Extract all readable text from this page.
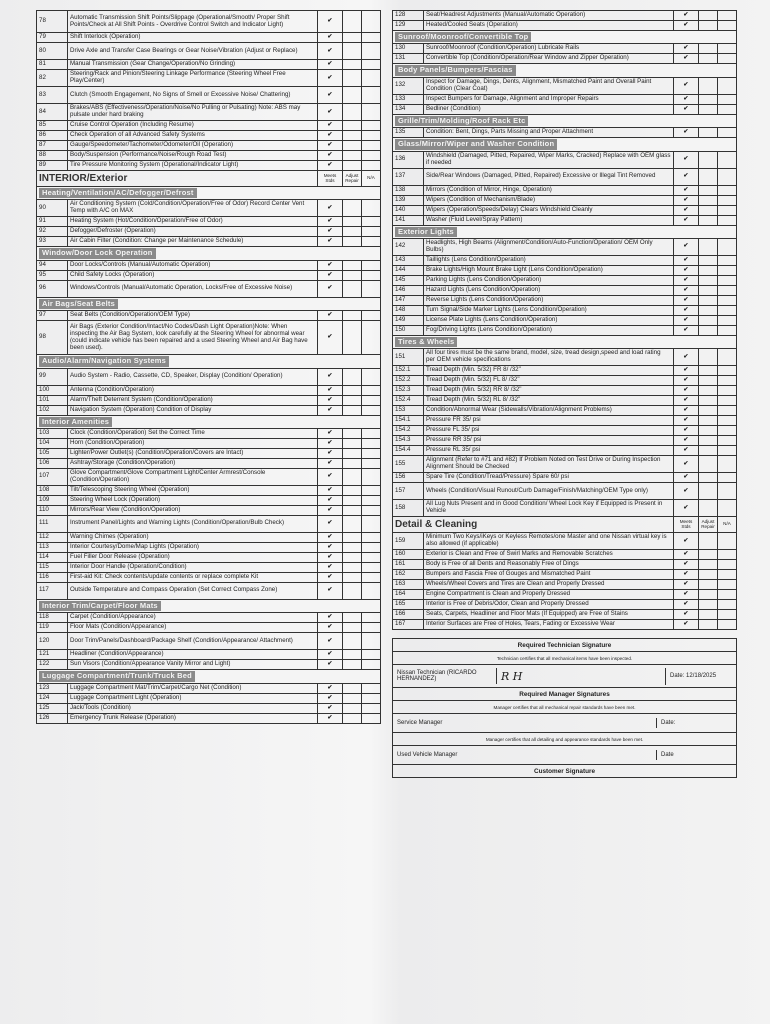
78	Automatic Transmission Shift Points/Slippage (Operational/Smooth/ Proper Shift Points/Check at All Shift Points - Overdrive Control Switch and Indicator Light)	✔		
79	Shift Interlock (Operation)	✔		
80	Drive Axle and Transfer Case Bearings or Gear Noise/Vibration (Adjust or Replace)	✔		
81	Manual Transmission (Gear Change/Operation/No Grinding)	✔		
82	Steering/Rack and Pinion/Steering Linkage Performance (Steering Wheel Free Play/Center)	✔		
83	Clutch (Smooth Engagement, No Signs of Smell or Excessive Noise/ Chattering)	✔		
84	Brakes/ABS (Effectiveness/Operation/Noise/No Pulling or Pulsating) Note: ABS may pulsate under hard braking	✔		
85	Cruise Control Operation (Including Resume)	✔		
86	Check Operation of all Advanced Safety Systems	✔		
87	Gauge/Speedometer/Tachometer/Odometer/Oil (Operation)	✔		
88	Body/Suspension (Performance/Noise/Rough Road Test)	✔		
89	Tire Pressure Monitoring System (Operational/Indicator Light)	✔		
INTERIOR/Exterior		Meets Stds	Adjust Repair	N/A
Heating/Ventilation/AC/Defogger/Defrost				
90	Air Conditioning System (Cold/Condition/Operation/Free of Odor) Record Center Vent Temp with A/C on MAX	✔		
91	Heating System (Hot/Condition/Operation/Free of Odor)	✔		
92	Defogger/Defroster (Operation)	✔		
93	Air Cabin Filter (Condition: Change per Maintenance Schedule)	✔		
Window/Door Lock Operation				
94	Door Locks/Controls (Manual/Automatic Operation)	✔		
95	Child Safety Locks (Operation)	✔		
96	Windows/Controls (Manual/Automatic Operation, Locks/Free of Excessive Noise)	✔		
Air Bags/Seat Belts				
97	Seat Belts (Condition/Operation/OEM Type)	✔		
98	Air Bags (Exterior Condition/Intact/No Codes/Dash Light Operation)Note: When inspecting the Air Bag System, look carefully at the Steering Wheel for abnormal wear (could indicate vehicle has been repaired and a used Steering Wheel and Air Bag have been used).	✔		
Audio/Alarm/Navigation Systems				
99	Audio System - Radio, Cassette, CD, Speaker, Display (Condition/ Operation)	✔		
100	Antenna (Condition/Operation)	✔		
101	Alarm/Theft Deterrent System (Condition/Operation)	✔		
102	Navigation System (Operation) Condition of Display	✔		
Interior Amenities				
103	Clock (Condition/Operation) Set the Correct Time	✔		
104	Horn (Condition/Operation)	✔		
105	Lighter/Power Outlet(s) (Condition/Operation/Covers are Intact)	✔		
106	Ashtray/Storage (Condition/Operation)	✔		
107	Glove Compartment/Glove Compartment Light/Center Armrest/Console (Condition/Operation)	✔		
108	Tilt/Telescoping Steering Wheel (Operation)	✔		
109	Steering Wheel Lock (Operation)	✔		
110	Mirrors/Rear View (Condition/Operation)	✔		
111	Instrument Panel/Lights and Warning Lights (Condition/Operation/Bulb Check)	✔		
112	Warning Chimes (Operation)	✔		
113	Interior Courtesy/Dome/Map Lights (Operation)	✔		
114	Fuel Filler Door Release (Operation)	✔		
115	Interior Door Handle (Operation/Condition)	✔		
116	First-aid Kit: Check contents/update contents or replace complete Kit	✔		
117	Outside Temperature and Compass Operation (Set Correct Compass Zone)	✔		
Interior Trim/Carpet/Floor Mats				
118	Carpet (Condition/Appearance)	✔		
119	Floor Mats (Condition/Appearance)	✔		
120	Door Trim/Panels/Dashboard/Package Shelf (Condition/Appearance/ Attachment)	✔		
121	Headliner (Condition/Appearance)	✔		
122	Sun Visors (Condition/Appearance Vanity Mirror and Light)	✔		
Luggage Compartment/Trunk/Truck Bed				
123	Luggage Compartment Mat/Trim/Carpet/Cargo Net (Condition)	✔		
124	Luggage Compartment Light (Operation)	✔		
125	Jack/Tools (Condition)	✔		
126	Emergency Trunk Release (Operation)	✔		
128	Seat/Headrest Adjustments (Manual/Automatic Operation)	✔		
129	Heated/Cooled Seats (Operation)	✔		
Sunroof/Moonroof/Convertible Top				
130	Sunroof/Moonroof (Condition/Operation) Lubricate Rails	✔		
131	Convertible Top (Condition/Operation/Rear Window and Zipper Operation)	✔		
Body Panels/Bumpers/Fascias				
132	Inspect for Damage, Dings, Dents, Alignment, Mismatched Paint and Overall Paint Condition (Clear Coat)	✔		
133	Inspect Bumpers for Damage, Alignment and Improper Repairs	✔		
134	Bedliner (Condition)	✔		
Grille/Trim/Molding/Roof Rack Etc				
135	Condition: Bent, Dings, Parts Missing and Proper Attachment	✔		
Glass/Mirror/Wiper and Washer Condition				
136	Windshield (Damaged, Pitted, Repaired, Wiper Marks, Cracked) Replace with OEM glass if needed	✔		
137	Side/Rear Windows (Damaged, Pitted, Repaired) Excessive or Illegal Tint Removed	✔		
138	Mirrors (Condition of Mirror, Hinge, Operation)	✔		
139	Wipers (Condition of Mechanism/Blade)	✔		
140	Wipers (Operation/Speeds/Delay) Clears Windshield Cleanly	✔		
141	Washer (Fluid Level/Spray Pattern)	✔		
Exterior Lights				
142	Headlights, High Beams (Alignment/Condition/Auto-Function/Operation/ OEM Only Bulbs)	✔		
143	Taillights (Lens Condition/Operation)	✔		
144	Brake Lights/High Mount Brake Light (Lens Condition/Operation)	✔		
145	Parking Lights (Lens Condition/Operation)	✔		
146	Hazard Lights (Lens Condition/Operation)	✔		
147	Reverse Lights (Lens Condition/Operation)	✔		
148	Turn Signal/Side Marker Lights (Lens Condition/Operation)	✔		
149	License Plate Lights (Lens Condition/Operation)	✔		
150	Fog/Driving Lights (Lens Condition/Operation)	✔		
Tires & Wheels				
151	All four tires must be the same brand, model, size, tread design,speed and load rating per OEM vehicle specifications	✔		
152.1	Tread Depth (Min. 5/32) FR 8/ /32"	✔		
152.2	Tread Depth (Min. 5/32) FL 8/ /32"	✔		
152.3	Tread Depth (Min. 5/32) RR 8/ /32"	✔		
152.4	Tread Depth (Min. 5/32) RL 8/ /32"	✔		
153	Condition/Abnormal Wear (Sidewalls/Vibration/Alignment Problems)	✔		
154.1	Pressure FR 35/ psi	✔		
154.2	Pressure FL 35/ psi	✔		
154.3	Pressure RR 35/ psi	✔		
154.4	Pressure RL 35/ psi	✔		
155	Alignment (Refer to #71 and #82) If Problem Noted on Test Drive or During Inspection Alignment Should be Checked	✔		
156	Spare Tire (Condition/Tread/Pressure) Spare 60/ psi	✔		
157	Wheels (Condition/Visual Runout/Curb Damage/Finish/Matching/OEM Type only)	✔		
158	All Lug Nuts Present and in Good Condition/ Wheel Lock Key if Equipped is Present in Vehicle	✔		
Detail & Cleaning		Meets Stds	Adjust Repair	N/A
159	Minimum Two Keys/iKeys or Keyless Remotes/one Master and one Nissan virtual key is also allowed (if applicable)	✔		
160	Exterior is Clean and Free of Swirl Marks and Removable Scratches	✔		
161	Body is Free of all Dents and Reasonably Free of Dings	✔		
162	Bumpers and Fascia Free of Gouges and Mismatched Paint	✔		
163	Wheels/Wheel Covers and Tires are Clean and Properly Dressed	✔		
164	Engine Compartment is Clean and Properly Dressed	✔		
165	Interior is Free of Debris/Odor, Clean and Properly Dressed	✔		
166	Seats, Carpets, Headliner and Floor Mats (If Equipped) are Free of Stains	✔		
167	Interior Surfaces are Free of Holes, Tears, Fading or Excessive Wear	✔		
Required Technician Signature
Technician certifies that all mechanical items have been inspected.
Nissan Technician (RICARDO HERNANDEZ)	R H	Date: 12/18/2025
Required Manager Signatures
Manager certifies that all mechanical repair standards have been met.
Service Manager	Date:
Manager certifies that all detailing and appearance standards have been met.
Used Vehicle Manager	Date
Customer Signature
